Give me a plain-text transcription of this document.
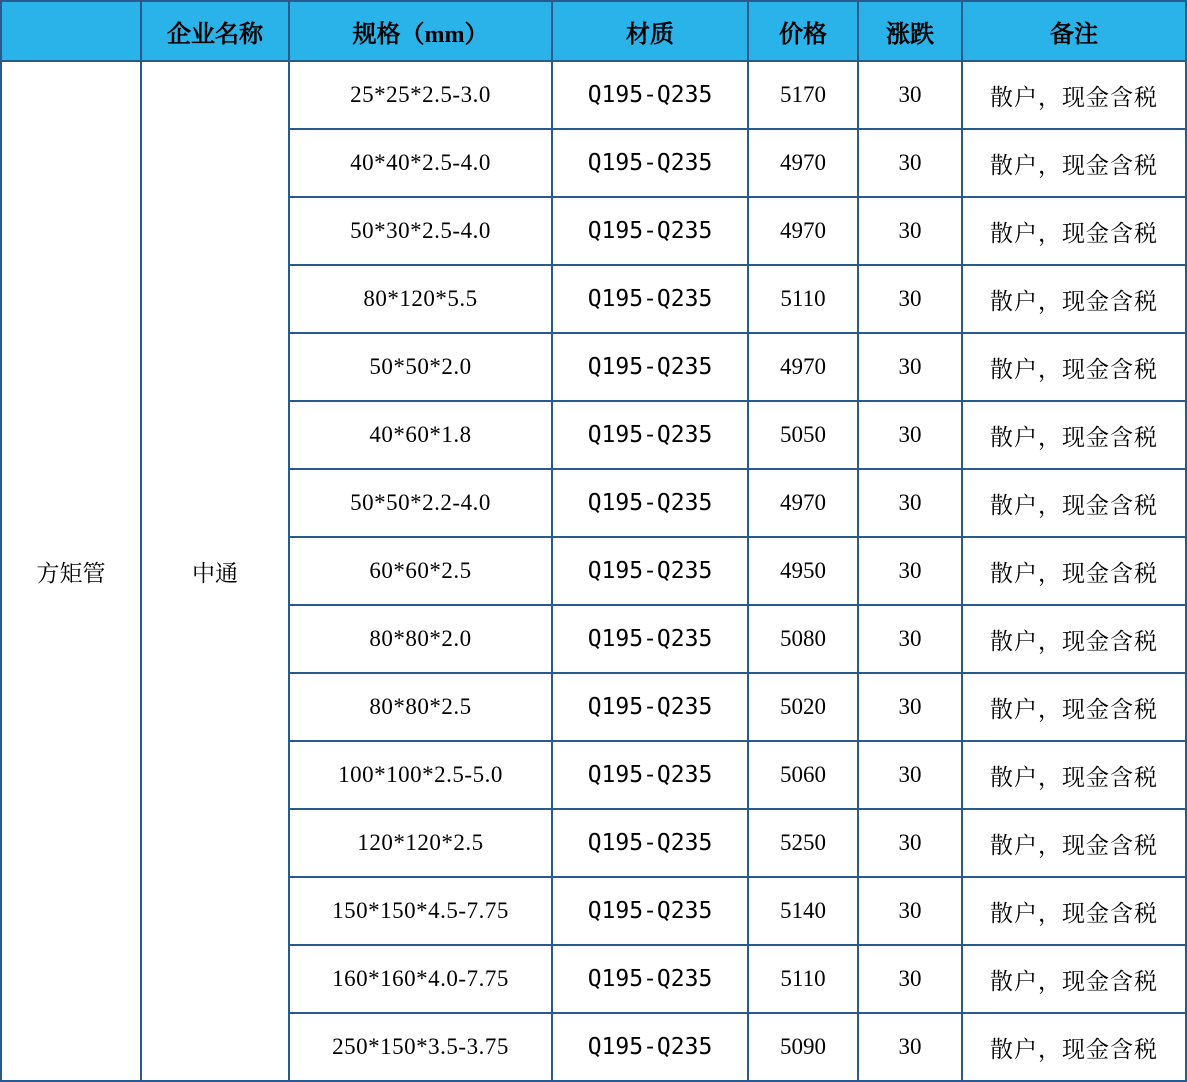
	企业名称	规格（mm）	材质	价格	涨跌	备注
方矩管	中通	25*25*2.5-3.0	Q195-Q235	5170	30	散户，现金含税
		40*40*2.5-4.0	Q195-Q235	4970	30	散户，现金含税
		50*30*2.5-4.0	Q195-Q235	4970	30	散户，现金含税
		80*120*5.5	Q195-Q235	5110	30	散户，现金含税
		50*50*2.0	Q195-Q235	4970	30	散户，现金含税
		40*60*1.8	Q195-Q235	5050	30	散户，现金含税
		50*50*2.2-4.0	Q195-Q235	4970	30	散户，现金含税
		60*60*2.5	Q195-Q235	4950	30	散户，现金含税
		80*80*2.0	Q195-Q235	5080	30	散户，现金含税
		80*80*2.5	Q195-Q235	5020	30	散户，现金含税
		100*100*2.5-5.0	Q195-Q235	5060	30	散户，现金含税
		120*120*2.5	Q195-Q235	5250	30	散户，现金含税
		150*150*4.5-7.75	Q195-Q235	5140	30	散户，现金含税
		160*160*4.0-7.75	Q195-Q235	5110	30	散户，现金含税
		250*150*3.5-3.75	Q195-Q235	5090	30	散户，现金含税
